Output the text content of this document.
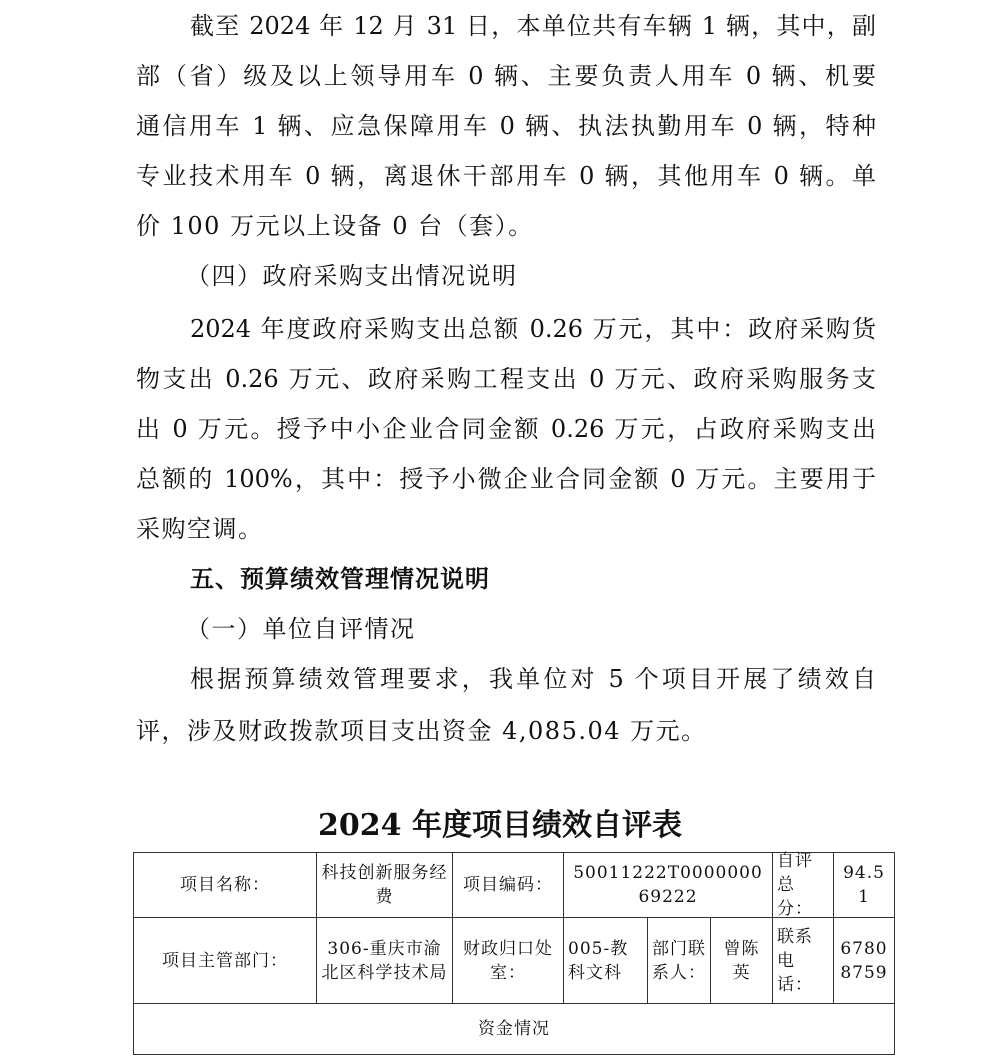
截至 2024 年 12 月 31 日，本单位共有车辆 1 辆，其中，副
部（省）级及以上领导用车 0 辆、主要负责人用车 0 辆、机要
通信用车 1 辆、应急保障用车 0 辆、执法执勤用车 0 辆，特种
专业技术用车 0 辆，离退休干部用车 0 辆，其他用车 0 辆。单
价 100 万元以上设备 0 台（套）。
（四）政府采购支出情况说明
2024 年度政府采购支出总额 0.26 万元，其中：政府采购货
物支出 0.26 万元、政府采购工程支出 0 万元、政府采购服务支
出 0 万元。授予中小企业合同金额 0.26 万元，占政府采购支出
总额的 100%，其中：授予小微企业合同金额 0 万元。主要用于
采购空调。
五、预算绩效管理情况说明
（一）单位自评情况
根据预算绩效管理要求，我单位对 5 个项目开展了绩效自
评，涉及财政拨款项目支出资金 4,085.04 万元。
2024 年度项目绩效自评表
项目名称：
科技创新服务经费
项目编码：
50011222T000000069222
自评总分：
94.51
项目主管部门：
306-重庆市渝北区科学技术局
财政归口处室：
005-教科文科
部门联系人：
曾陈英
联系电话：
67808759
资金情况
